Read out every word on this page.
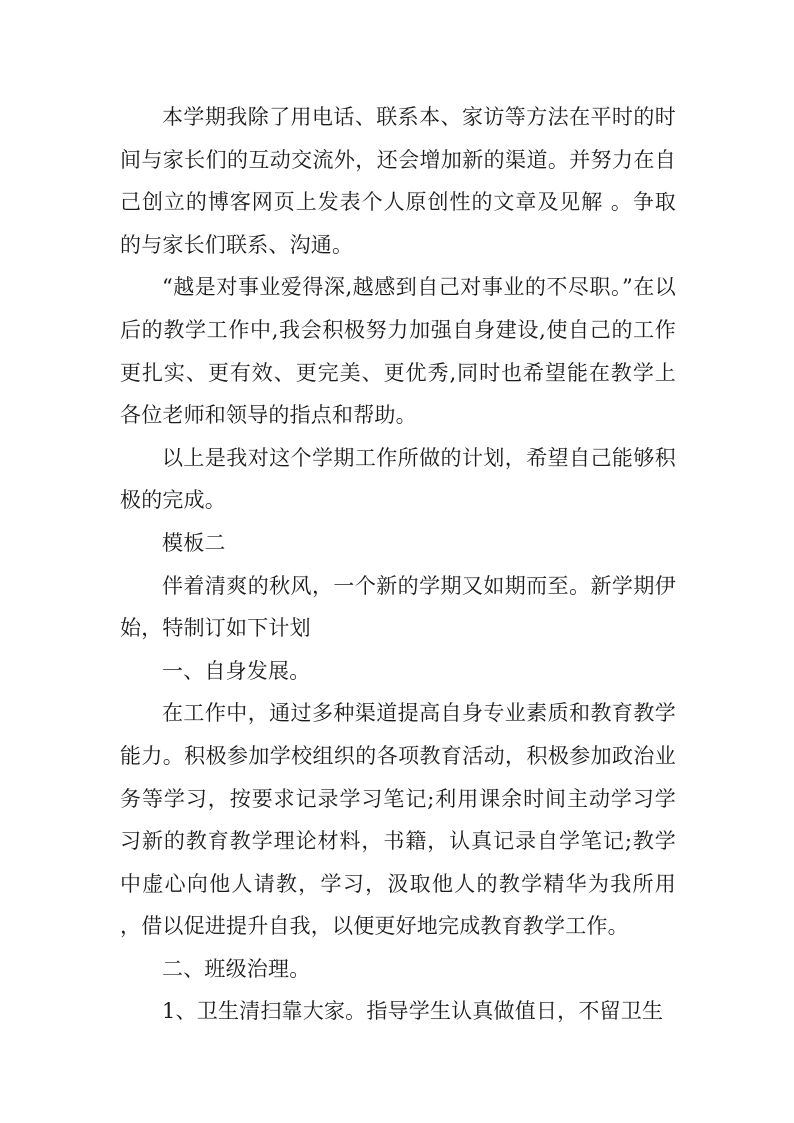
本学期我除了用电话、联系本、家访等方法在平时的时间与家长们的互动交流外，还会增加新的渠道。并努力在自己创立的博客网页上发表个人原创性的文章及见解 。争取的与家长们联系、沟通。

“越是对事业爱得深,越感到自己对事业的不尽职。”在以后的教学工作中,我会积极努力加强自身建设,使自己的工作更扎实、更有效、更完美、更优秀,同时也希望能在教学上各位老师和领导的指点和帮助。

以上是我对这个学期工作所做的计划，希望自己能够积极的完成。

模板二

伴着清爽的秋风，一个新的学期又如期而至。新学期伊始，特制订如下计划

一、自身发展。

在工作中，通过多种渠道提高自身专业素质和教育教学能力。积极参加学校组织的各项教育活动，积极参加政治业务等学习，按要求记录学习笔记;利用课余时间主动学习学习新的教育教学理论材料，书籍，认真记录自学笔记;教学中虚心向他人请教，学习，汲取他人的教学精华为我所用 ，借以促进提升自我，以便更好地完成教育教学工作。

二、班级治理。

1、卫生清扫靠大家。指导学生认真做值日，不留卫生
